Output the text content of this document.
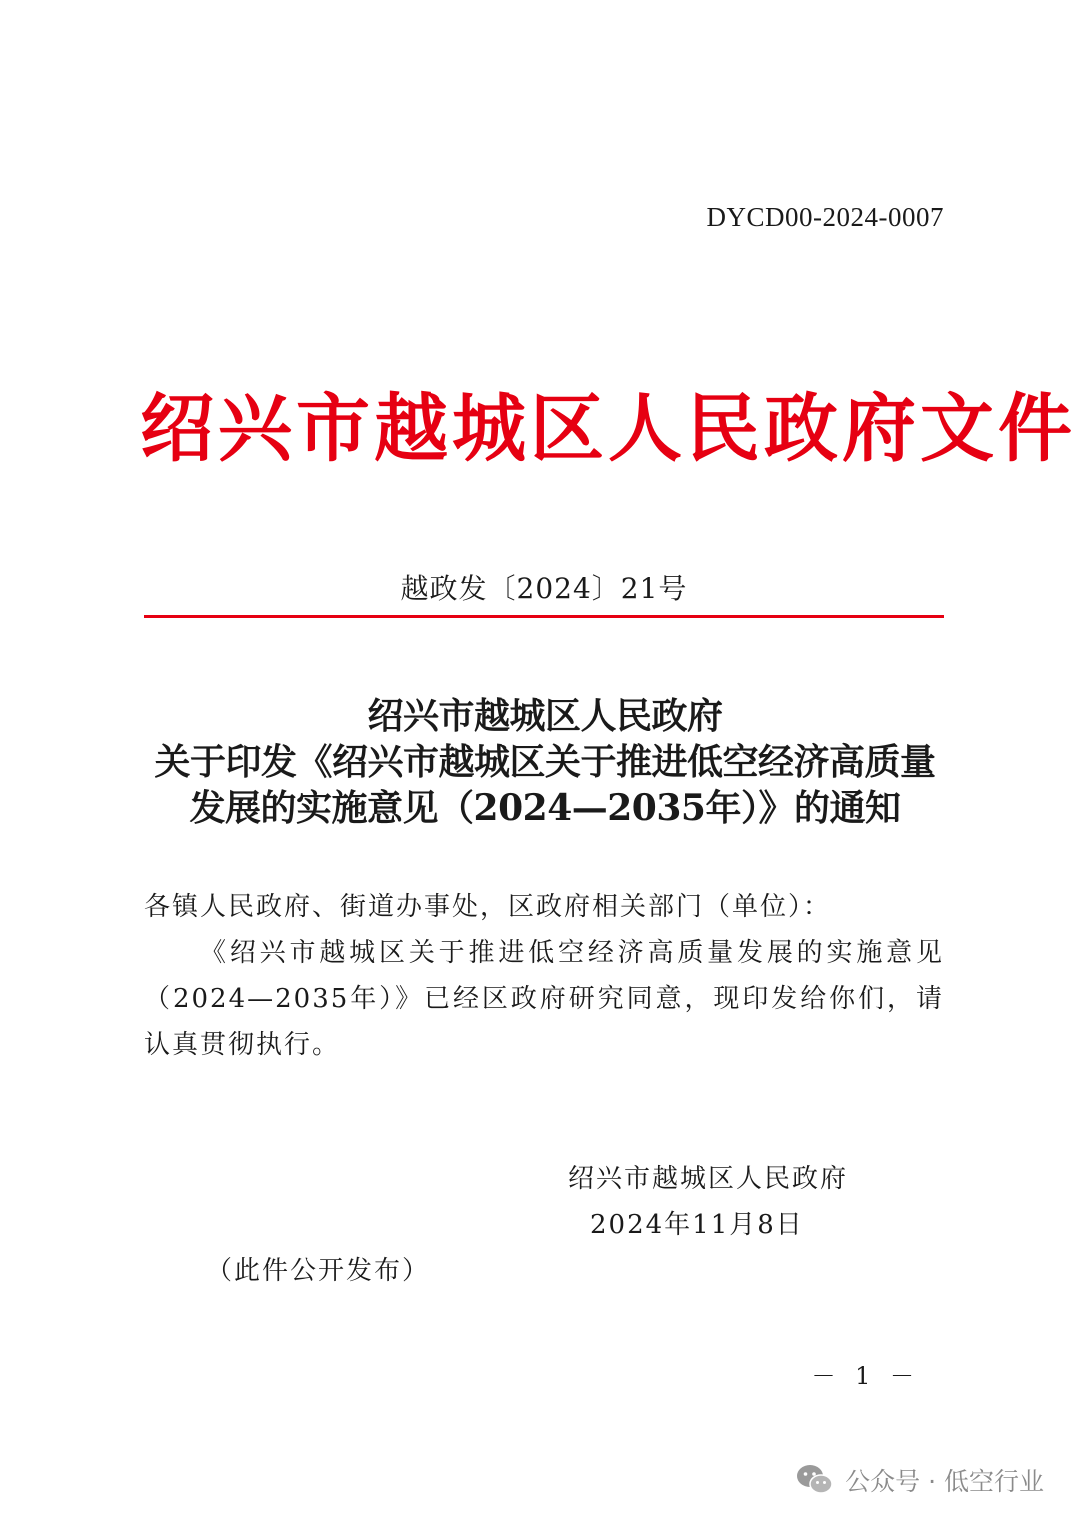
DYCD00-2024-0007
绍兴市越城区人民政府文件
越政发〔2024〕21号
绍兴市越城区人民政府
关于印发《绍兴市越城区关于推进低空经济高质量
发展的实施意见（2024—2035年）》的通知

各镇人民政府、街道办事处，区政府相关部门（单位）：

《绍兴市越城区关于推进低空经济高质量发展的实施意见（2024—2035年）》已经区政府研究同意，现印发给你们，请认真贯彻执行。

绍兴市越城区人民政府
2024年11月8日
（此件公开发布）
－ 1 －
公众号 · 低空行业
